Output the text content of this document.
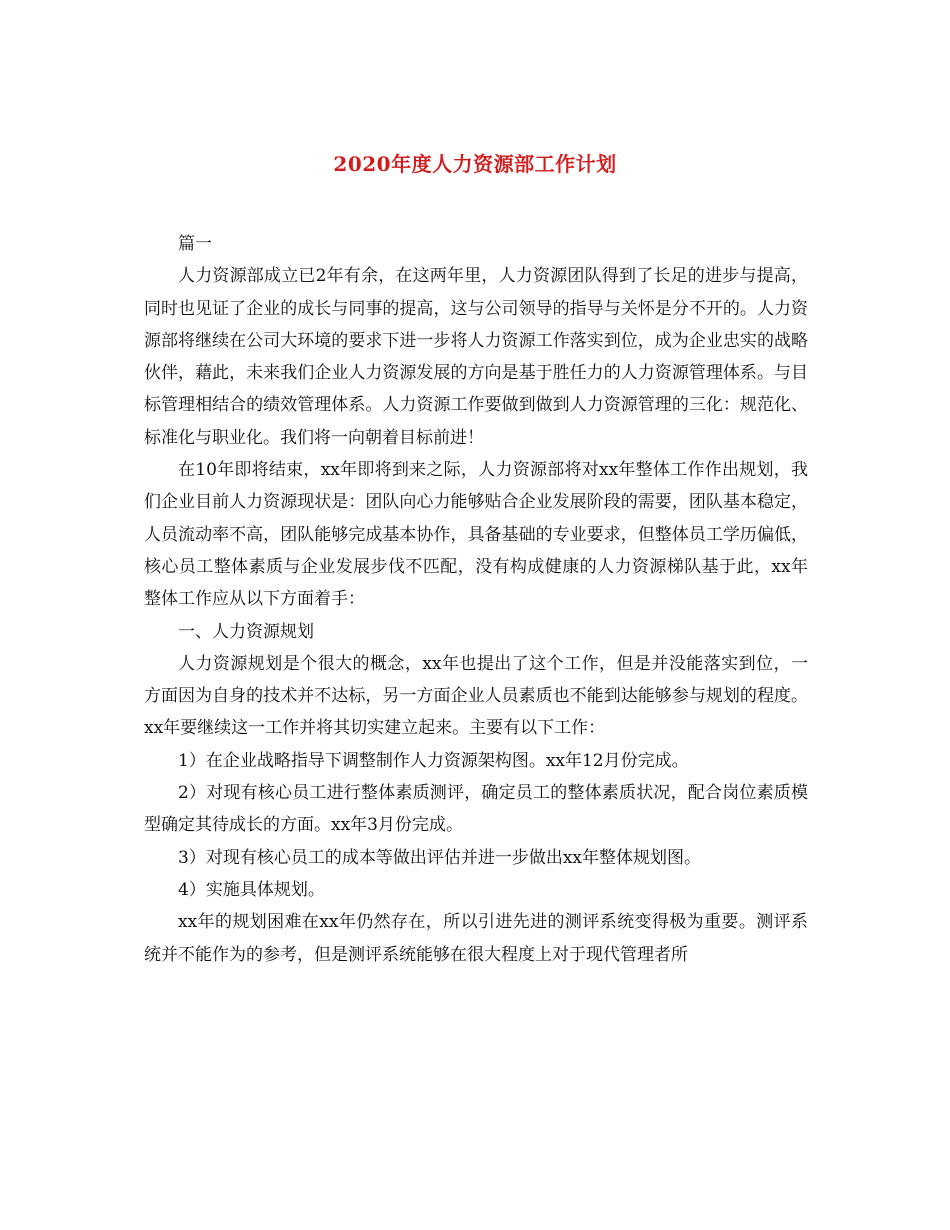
2020年度人力资源部工作计划

篇一

人力资源部成立已2年有余，在这两年里，人力资源团队得到了长足的进步与提高，同时也见证了企业的成长与同事的提高，这与公司领导的指导与关怀是分不开的。人力资源部将继续在公司大环境的要求下进一步将人力资源工作落实到位，成为企业忠实的战略伙伴，藉此，未来我们企业人力资源发展的方向是基于胜任力的人力资源管理体系。与目标管理相结合的绩效管理体系。人力资源工作要做到做到人力资源管理的三化：规范化、标准化与职业化。我们将一向朝着目标前进！

在10年即将结束，xx年即将到来之际，人力资源部将对xx年整体工作作出规划，我们企业目前人力资源现状是：团队向心力能够贴合企业发展阶段的需要，团队基本稳定，人员流动率不高，团队能够完成基本协作，具备基础的专业要求，但整体员工学历偏低，核心员工整体素质与企业发展步伐不匹配，没有构成健康的人力资源梯队基于此，xx年整体工作应从以下方面着手：

一、人力资源规划

人力资源规划是个很大的概念，xx年也提出了这个工作，但是并没能落实到位，一方面因为自身的技术并不达标，另一方面企业人员素质也不能到达能够参与规划的程度。xx年要继续这一工作并将其切实建立起来。主要有以下工作：

1）在企业战略指导下调整制作人力资源架构图。xx年12月份完成。

2）对现有核心员工进行整体素质测评，确定员工的整体素质状况，配合岗位素质模型确定其待成长的方面。xx年3月份完成。

3）对现有核心员工的成本等做出评估并进一步做出xx年整体规划图。

4）实施具体规划。

xx年的规划困难在xx年仍然存在，所以引进先进的测评系统变得极为重要。测评系统并不能作为的参考，但是测评系统能够在很大程度上对于现代管理者所
